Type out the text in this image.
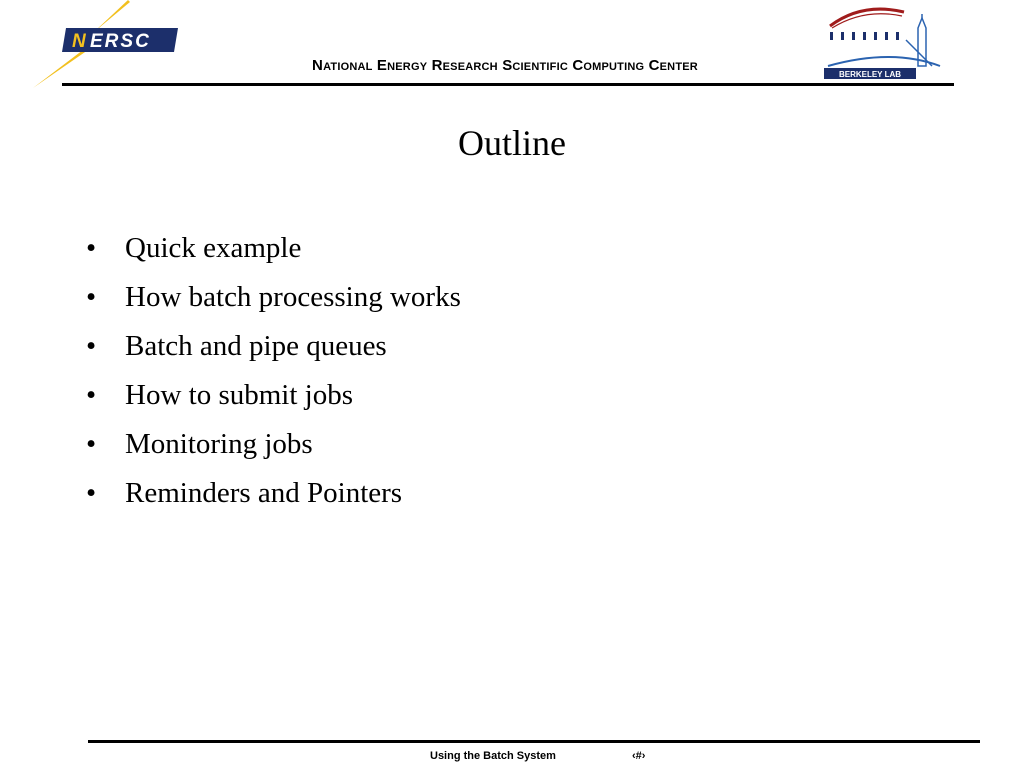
N ERSC
BERKELEY LAB
National Energy Research Scientific Computing Center
Outline
• Quick example
• How batch processing works
• Batch and pipe queues
• How to submit jobs
• Monitoring jobs
• Reminders and Pointers
Using the Batch System	‹#›
